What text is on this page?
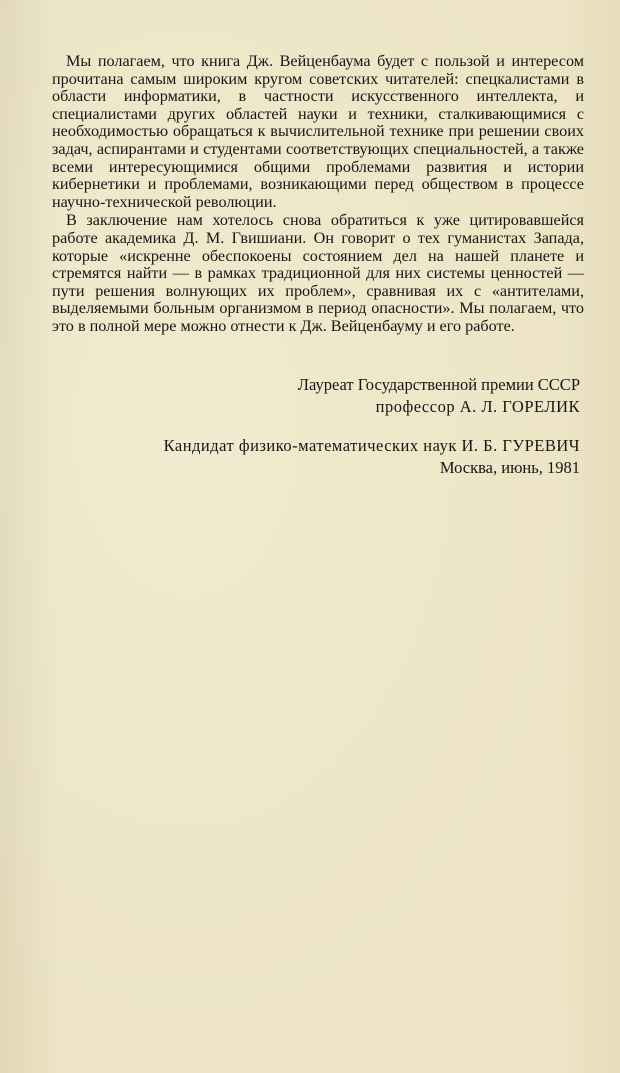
Мы полагаем, что книга Дж. Вейценбаума будет с пользой и интересом прочитана самым широким кругом советских читателей: спецкалистами в области информатики, в частности искусственного интеллекта, и специалистами других областей науки и техники, сталкивающимися с необходимостью обращаться к вычислительной технике при решении своих задач, аспирантами и студентами соответствующих специальностей, а также всеми интересующимися общими проблемами развития и истории кибернетики и проблемами, возникающими перед обществом в процессе научно-технической революции.

В заключение нам хотелось снова обратиться к уже цитировавшейся работе академика Д. М. Гвишиани. Он говорит о тех гуманистах Запада, которые «искренне обеспокоены состоянием дел на нашей планете и стремятся найти — в рамках традиционной для них системы ценностей — пути решения волнующих их проблем», сравнивая их с «антителами, выделяемыми больным организмом в период опасности». Мы полагаем, что это в полной мере можно отнести к Дж. Вейценбауму и его работе.

Лауреат Государственной премии СССР
профессор А. Л. ГОРЕЛИК
Кандидат физико-математических наук И. Б. ГУРЕВИЧ
Москва, июнь, 1981
